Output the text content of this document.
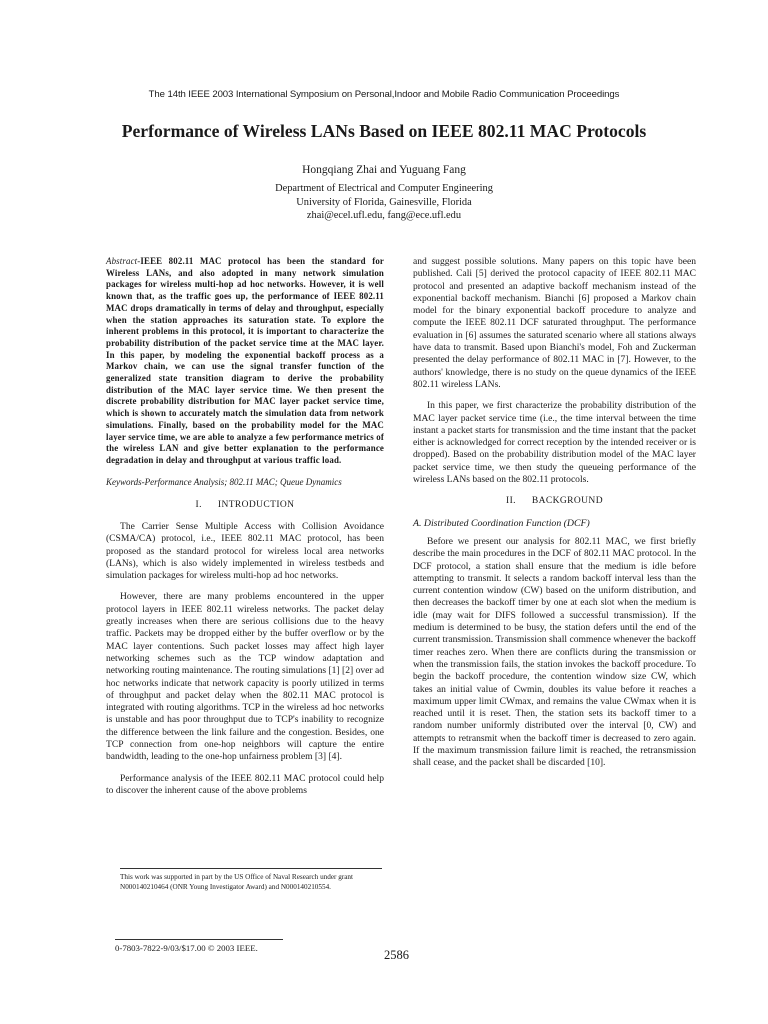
The 14th IEEE 2003 International Symposium on Personal,Indoor and Mobile Radio Communication Proceedings
Performance of Wireless LANs Based on IEEE 802.11 MAC Protocols
Hongqiang Zhai and Yuguang Fang
Department of Electrical and Computer Engineering
University of Florida, Gainesville, Florida
zhai@ecel.ufl.edu, fang@ece.ufl.edu

Abstract-IEEE 802.11 MAC protocol has been the standard for Wireless LANs, and also adopted in many network simulation packages for wireless multi-hop ad hoc networks. However, it is well known that, as the traffic goes up, the performance of IEEE 802.11 MAC drops dramatically in terms of delay and throughput, especially when the station approaches its saturation state. To explore the inherent problems in this protocol, it is important to characterize the probability distribution of the packet service time at the MAC layer. In this paper, by modeling the exponential backoff process as a Markov chain, we can use the signal transfer function of the generalized state transition diagram to derive the probability distribution of the MAC layer service time. We then present the discrete probability distribution for MAC layer packet service time, which is shown to accurately match the simulation data from network simulations. Finally, based on the probability model for the MAC layer service time, we are able to analyze a few performance metrics of the wireless LAN and give better explanation to the performance degradation in delay and throughput at various traffic load.

Keywords-Performance Analysis; 802.11 MAC; Queue Dynamics

I. INTRODUCTION

The Carrier Sense Multiple Access with Collision Avoidance (CSMA/CA) protocol, i.e., IEEE 802.11 MAC protocol, has been proposed as the standard protocol for wireless local area networks (LANs), which is also widely implemented in wireless testbeds and simulation packages for wireless multi-hop ad hoc networks.

However, there are many problems encountered in the upper protocol layers in IEEE 802.11 wireless networks. The packet delay greatly increases when there are serious collisions due to the heavy traffic. Packets may be dropped either by the buffer overflow or by the MAC layer contentions. Such packet losses may affect high layer networking schemes such as the TCP window adaptation and networking routing maintenance. The routing simulations [1] [2] over ad hoc networks indicate that network capacity is poorly utilized in terms of throughput and packet delay when the 802.11 MAC protocol is integrated with routing algorithms. TCP in the wireless ad hoc networks is unstable and has poor throughput due to TCP's inability to recognize the difference between the link failure and the congestion. Besides, one TCP connection from one-hop neighbors will capture the entire bandwidth, leading to the one-hop unfairness problem [3] [4].

Performance analysis of the IEEE 802.11 MAC protocol could help to discover the inherent cause of the above problems

This work was supported in part by the US Office of Naval Research under grant N000140210464 (ONR Young Investigator Award) and N000140210554.

and suggest possible solutions. Many papers on this topic have been published. Cali [5] derived the protocol capacity of IEEE 802.11 MAC protocol and presented an adaptive backoff mechanism instead of the exponential backoff mechanism. Bianchi [6] proposed a Markov chain model for the binary exponential backoff procedure to analyze and compute the IEEE 802.11 DCF saturated throughput. The performance evaluation in [6] assumes the saturated scenario where all stations always have data to transmit. Based upon Bianchi's model, Foh and Zuckerman presented the delay performance of 802.11 MAC in [7]. However, to the authors' knowledge, there is no study on the queue dynamics of the IEEE 802.11 wireless LANs.

In this paper, we first characterize the probability distribution of the MAC layer packet service time (i.e., the time interval between the time instant a packet starts for transmission and the time instant that the packet either is acknowledged for correct reception by the intended receiver or is dropped). Based on the probability distribution model of the MAC layer packet service time, we then study the queueing performance of the wireless LANs based on the 802.11 protocols.

II. BACKGROUND
A. Distributed Coordination Function (DCF)

Before we present our analysis for 802.11 MAC, we first briefly describe the main procedures in the DCF of 802.11 MAC protocol. In the DCF protocol, a station shall ensure that the medium is idle before attempting to transmit. It selects a random backoff interval less than the current contention window (CW) based on the uniform distribution, and then decreases the backoff timer by one at each slot when the medium is idle (may wait for DIFS followed a successful transmission). If the medium is determined to be busy, the station defers until the end of the current transmission. Transmission shall commence whenever the backoff timer reaches zero. When there are conflicts during the transmission or when the transmission fails, the station invokes the backoff procedure. To begin the backoff procedure, the contention window size CW, which takes an initial value of Cwmin, doubles its value before it reaches a maximum upper limit CWmax, and remains the value CWmax when it is reached until it is reset. Then, the station sets its backoff timer to a random number uniformly distributed over the interval [0, CW) and attempts to retransmit when the backoff timer is decreased to zero again. If the maximum transmission failure limit is reached, the retransmission shall cease, and the packet shall be discarded [10].

0-7803-7822-9/03/$17.00 © 2003 IEEE.	2586
